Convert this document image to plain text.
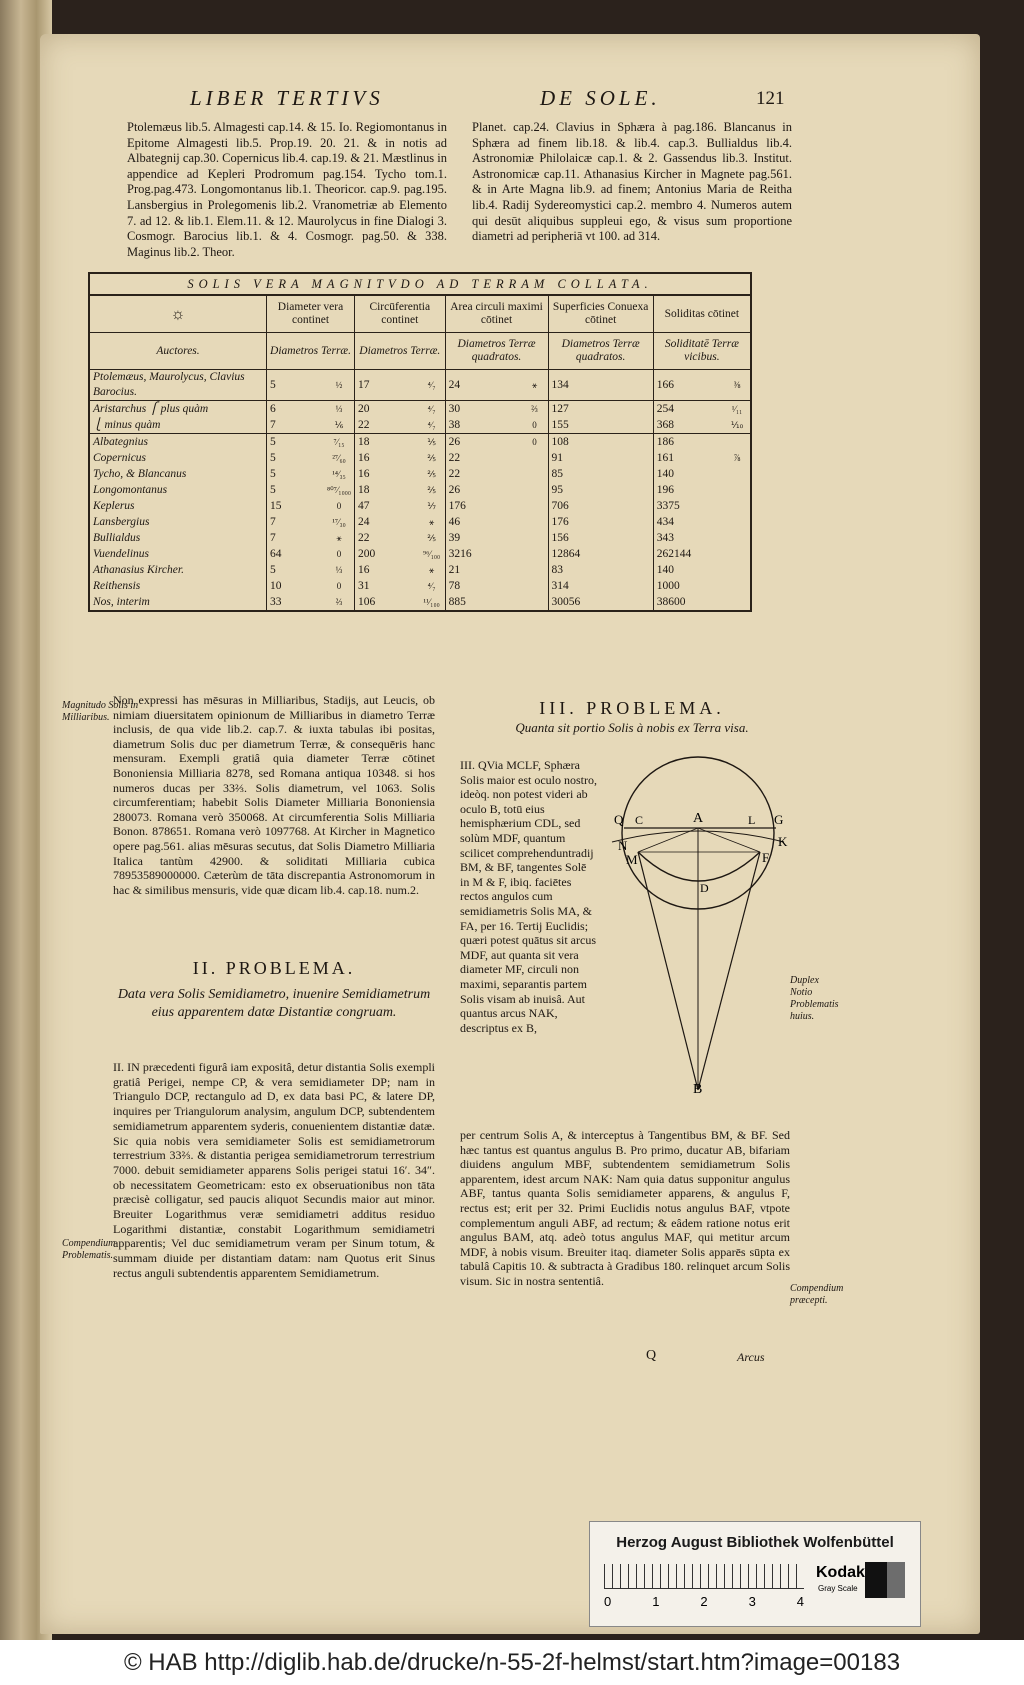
LIBER TERTIVS	DE SOLE.	121
Ptolemæus lib.5. Almagesti cap.14. & 15. Io. Regiomontanus in Epitome Almagesti lib.5. Prop.19. 20. 21. & in notis ad Albategnij cap.30. Copernicus lib.4. cap.19. & 21. Mæstlinus in appendice ad Kepleri Prodromum pag.154. Tycho tom.1. Prog.pag.473. Longomontanus lib.1. Theoricor. cap.9. pag.195. Lansbergius in Prolegomenis lib.2. Vranometriæ ab Elemento 7. ad 12. & lib.1. Elem.11. & 12. Maurolycus in fine Dialogi 3. Cosmogr. Barocius lib.1. & 4. Cosmogr. pag.50. & 338. Maginus lib.2. Theor.
Planet. cap.24. Clavius in Sphæra à pag.186. Blancanus in Sphæra ad finem lib.18. & lib.4. cap.3. Bullialdus lib.4. Astronomiæ Philolaicæ cap.1. & 2. Gassendus lib.3. Institut. Astronomicæ cap.11. Athanasius Kircher in Magnete pag.561. & in Arte Magna lib.9. ad finem; Antonius Maria de Reitha lib.4. Radij Sydereomystici cap.2. membro 4. Numeros autem qui desūt aliquibus suppleui ego, & visus sum proportione diametri ad peripheriā vt 100. ad 314.
SOLIS VERA MAGNITVDO AD TERRAM COLLATA.										
☼	Diameter vera continet		Circūferentia continet		Area circuli maximi cōtinet		Superficies Conuexa cōtinet		Soliditas cōtinet	
Auctores.	Diametros Terræ.		Diametros Terræ.		Diametros Terræ quadratos.		Diametros Terræ quadratos.		Soliditatē Terræ vicibus.	
Ptolemæus, Maurolycus, Clavius Barocius.	5	½	17	⁴⁄₇	24	⚹	134		166	⅜
Aristarchus ⎧ plus quàm	6	⅓	20	⁴⁄₇	30	⅔	127		254	¹⁄₁₁
⎩ minus quàm	7	⅙	22	⁴⁄₇	38	0	155		368	⅒
Albategnius	5	⁷⁄₁₅	18	⅕	26	0	108		186	
Copernicus	5	²⁷⁄₆₀	16	⅖	22		91		161	⅞
Tycho, & Blancanus	5	¹⁴⁄₃₅	16	⅖	22		85		140	
Longomontanus	5	⁸⁰⁷⁄₁₀₀₀	18	⅖	26		95		196	
Keplerus	15	0	47	⅐	176		706		3375	
Lansbergius	7	¹⁷⁄₃₀	24	⚹	46		176		434	
Bullialdus	7	⚹	22	⅖	39		156		343	
Vuendelinus	64	0	200	⁹⁶⁄₁₀₀	3216		12864		262144	
Athanasius Kircher.	5	⅓	16	⚹	21		83		140	
Reithensis	10	0	31	⁴⁄₇	78		314		1000	
Nos, interim	33	⅔	106	¹¹⁄₁₀₀	885		30056		38600	
Magnitudo Solis in Milliaribus.
Non expressi has mēsuras in Milliaribus, Stadijs, aut Leucis, ob nimiam diuersitatem opinionum de Milliaribus in diametro Terræ inclusis, de qua vide lib.2. cap.7. & iuxta tabulas ibi positas, diametrum Solis duc per diametrum Terræ, & consequēris hanc mensuram. Exempli gratiâ quia diameter Terræ cōtinet Bononiensia Milliaria 8278, sed Romana antiqua 10348. si hos numeros ducas per 33⅔. Solis diametrum, vel 1063. Solis circumferentiam; habebit Solis Diameter Milliaria Bononiensia 280073. Romana verò 350068. At circumferentia Solis Milliaria Bonon. 878651. Romana verò 1097768. At Kircher in Magnetico opere pag.561. alias mēsuras secutus, dat Solis Diametro Milliaria Italica tantùm 42900. & soliditati Milliaria cubica 78953589000000. Cæterùm de tāta discrepantia Astronomorum in hac & similibus mensuris, vide quæ dicam lib.4. cap.18. num.2.
II. PROBLEMA.
Data vera Solis Semidiametro, inuenire Semidiametrum eius apparentem datæ Distantiæ congruam.
II. IN præcedenti figurâ iam expositâ, detur distantia Solis exempli gratiâ Perigei, nempe CP, & vera semidiameter DP; nam in Triangulo DCP, rectangulo ad D, ex data basi PC, & latere DP, inquires per Triangulorum analysim, angulum DCP, subtendentem semidiametrum apparentem syderis, conuenientem distantiæ datæ. Sic quia nobis vera semidiameter Solis est semidiametrorum terrestrium 33⅔. & distantia perigea semidiametrorum terrestrium 7000. debuit semidiameter apparens Solis perigei statui 16′. 34″. ob necessitatem Geometricam: esto ex obseruationibus non tāta præcisè colligatur, sed paucis aliquot Secundis maior aut minor. Breuiter Logarithmus veræ semidiametri additus residuo Logarithmi distantiæ, constabit Logarithmum semidiametri apparentis; Vel duc semidiametrum veram per Sinum totum, & summam diuide per distantiam datam: nam Quotus erit Sinus rectus anguli subtendentis apparentem Semidiametrum.
Compendium Problematis.
III. PROBLEMA.
Quanta sit portio Solis à nobis ex Terra visa.
III. QVia MCLF, Sphæra Solis maior est oculo nostro, ideòq. non potest videri ab oculo B, totū eius hemisphærium CDL, sed solùm MDF, quantum scilicet comprehenduntradij BM, & BF, tangentes Solē in M & F, ibiq. faciētes rectos angulos cum semidiametris Solis MA, & FA, per 16. Tertij Euclidis; quæri potest quātus sit arcus MDF, aut quanta sit vera diameter MF, circuli non maximi, separantis partem Solis visam ab inuisâ. Aut quantus arcus NAK, descriptus ex B,
per centrum Solis A, & interceptus à Tangentibus BM, & BF. Sed hæc tantus est quantus angulus B. Pro primo, ducatur AB, bifariam diuidens angulum MBF, subtendentem semidiametrum Solis apparentem, idest arcum NAK: Nam quia datus supponitur angulus ABF, tantus quanta Solis semidiameter apparens, & angulus F, rectus est; erit per 32. Primi Euclidis notus angulus BAF, vtpote complementum anguli ABF, ad rectum; & eâdem ratione notus erit angulus BAM, atq. adeò totus angulus MAF, qui metitur arcum MDF, à nobis visum. Breuiter itaq. diameter Solis apparēs sūpta ex tabulâ Capitis 10. & subtracta à Gradibus 180. relinquet arcum Solis visum. Sic in nostra sententiâ.
Duplex Notio Problematis huius.
Compendium præcepti.
Q C	A	L G
K
N
M	F
D
B
Q	Arcus
Herzog August Bibliothek Wolfenbüttel
0	1	2	3	4
Kodak
Gray Scale
© HAB http://diglib.hab.de/drucke/n-55-2f-helmst/start.htm?image=00183
